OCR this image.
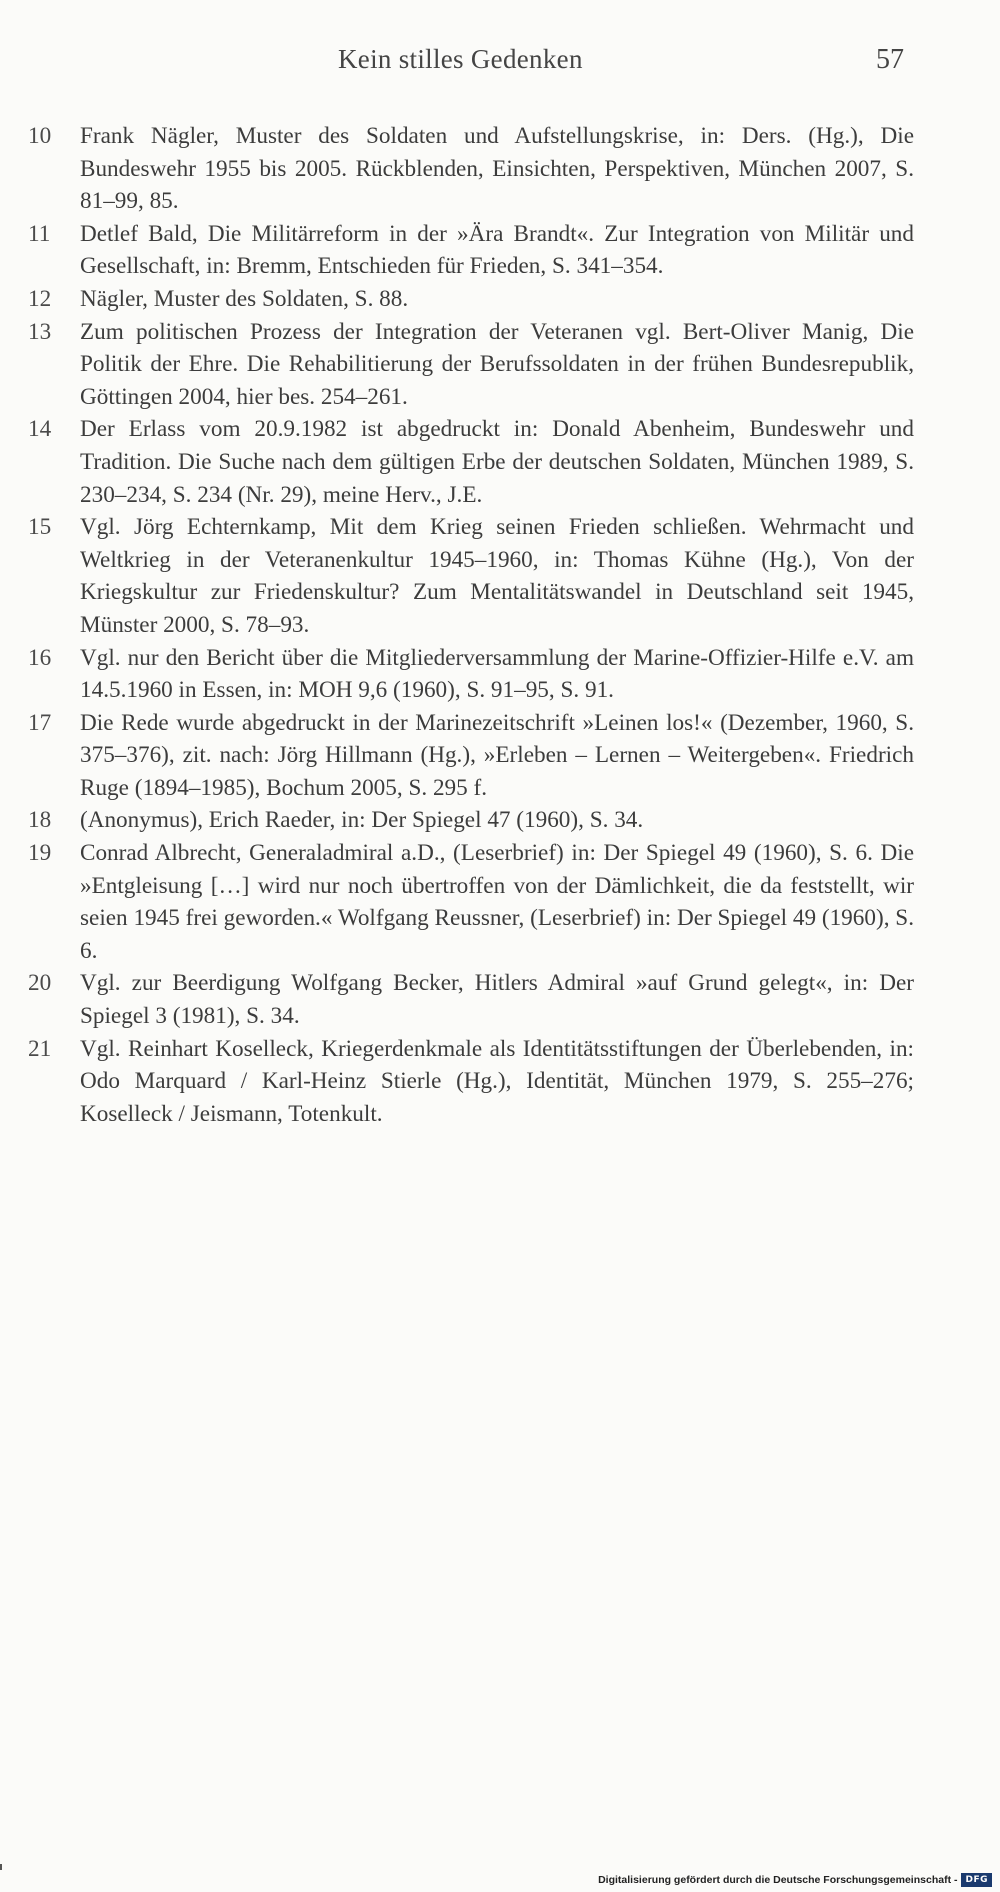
Kein stilles Gedenken	57
10	Frank Nägler, Muster des Soldaten und Aufstellungskrise, in: Ders. (Hg.), Die Bundeswehr 1955 bis 2005. Rückblenden, Einsichten, Perspektiven, München 2007, S. 81–99, 85.
11	Detlef Bald, Die Militärreform in der »Ära Brandt«. Zur Integration von Militär und Gesellschaft, in: Bremm, Entschieden für Frieden, S. 341–354.
12	Nägler, Muster des Soldaten, S. 88.
13	Zum politischen Prozess der Integration der Veteranen vgl. Bert-Oliver Manig, Die Politik der Ehre. Die Rehabilitierung der Berufssoldaten in der frühen Bundesrepublik, Göttingen 2004, hier bes. 254–261.
14	Der Erlass vom 20.9.1982 ist abgedruckt in: Donald Abenheim, Bundeswehr und Tradition. Die Suche nach dem gültigen Erbe der deutschen Soldaten, München 1989, S. 230–234, S. 234 (Nr. 29), meine Herv., J.E.
15	Vgl. Jörg Echternkamp, Mit dem Krieg seinen Frieden schließen. Wehrmacht und Weltkrieg in der Veteranenkultur 1945–1960, in: Thomas Kühne (Hg.), Von der Kriegskultur zur Friedenskultur? Zum Mentalitätswandel in Deutschland seit 1945, Münster 2000, S. 78–93.
16	Vgl. nur den Bericht über die Mitgliederversammlung der Marine-Offizier-Hilfe e.V. am 14.5.1960 in Essen, in: MOH 9,6 (1960), S. 91–95, S. 91.
17	Die Rede wurde abgedruckt in der Marinezeitschrift »Leinen los!« (Dezember, 1960, S. 375–376), zit. nach: Jörg Hillmann (Hg.), »Erleben – Lernen – Weitergeben«. Friedrich Ruge (1894–1985), Bochum 2005, S. 295 f.
18	(Anonymus), Erich Raeder, in: Der Spiegel 47 (1960), S. 34.
19	Conrad Albrecht, Generaladmiral a.D., (Leserbrief) in: Der Spiegel 49 (1960), S. 6. Die »Entgleisung […] wird nur noch übertroffen von der Dämlichkeit, die da feststellt, wir seien 1945 frei geworden.« Wolfgang Reussner, (Leserbrief) in: Der Spiegel 49 (1960), S. 6.
20	Vgl. zur Beerdigung Wolfgang Becker, Hitlers Admiral »auf Grund gelegt«, in: Der Spiegel 3 (1981), S. 34.
21	Vgl. Reinhart Koselleck, Kriegerdenkmale als Identitätsstiftungen der Überlebenden, in: Odo Marquard / Karl-Heinz Stierle (Hg.), Identität, München 1979, S. 255–276; Koselleck / Jeismann, Totenkult.
Digitalisierung gefördert durch die Deutsche Forschungsgemeinschaft - DFG
